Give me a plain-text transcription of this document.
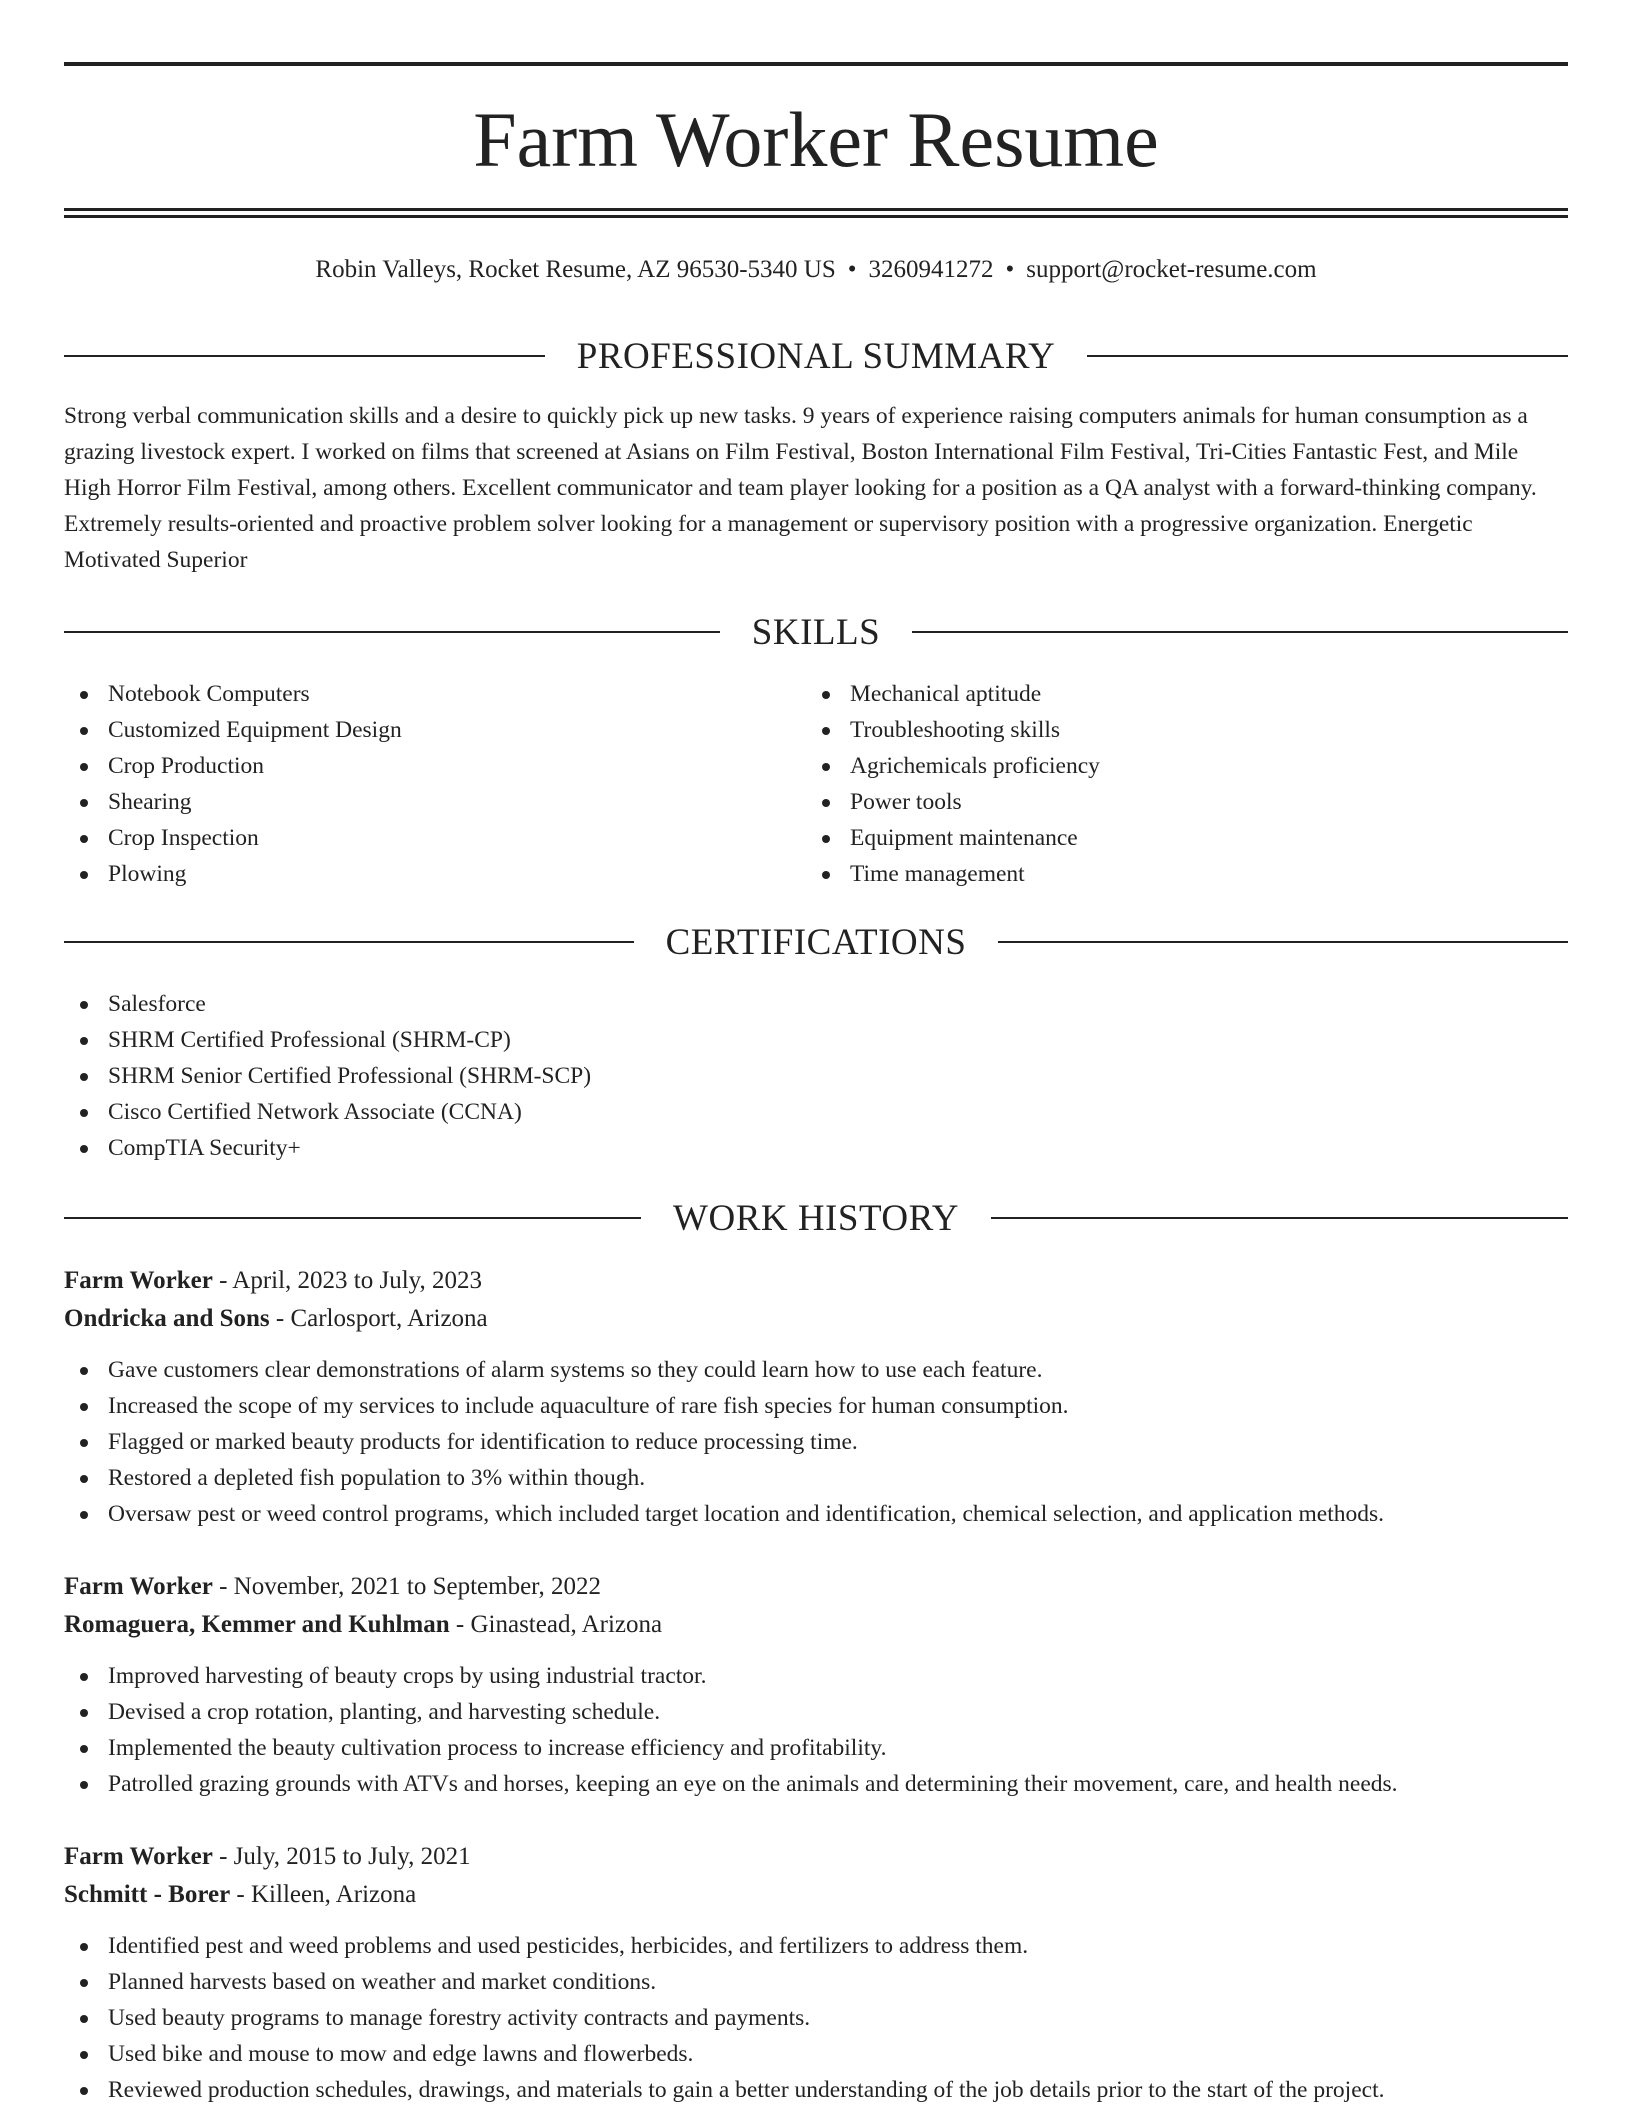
Farm Worker Resume
Robin Valleys, Rocket Resume, AZ 96530-5340 US • 3260941272 • support@rocket-resume.com
PROFESSIONAL SUMMARY

Strong verbal communication skills and a desire to quickly pick up new tasks. 9 years of experience raising computers animals for human consumption as a grazing livestock expert. I worked on films that screened at Asians on Film Festival, Boston International Film Festival, Tri-Cities Fantastic Fest, and Mile High Horror Film Festival, among others. Excellent communicator and team player looking for a position as a QA analyst with a forward-thinking company. Extremely results-oriented and proactive problem solver looking for a management or supervisory position with a progressive organization. Energetic Motivated Superior

SKILLS
Notebook Computers
Customized Equipment Design
Crop Production
Shearing
Crop Inspection
Plowing
Mechanical aptitude
Troubleshooting skills
Agrichemicals proficiency
Power tools
Equipment maintenance
Time management
CERTIFICATIONS
Salesforce
SHRM Certified Professional (SHRM-CP)
SHRM Senior Certified Professional (SHRM-SCP)
Cisco Certified Network Associate (CCNA)
CompTIA Security+
WORK HISTORY
Farm Worker - April, 2023 to July, 2023
Ondricka and Sons - Carlosport, Arizona
Gave customers clear demonstrations of alarm systems so they could learn how to use each feature.
Increased the scope of my services to include aquaculture of rare fish species for human consumption.
Flagged or marked beauty products for identification to reduce processing time.
Restored a depleted fish population to 3% within though.
Oversaw pest or weed control programs, which included target location and identification, chemical selection, and application methods.
Farm Worker - November, 2021 to September, 2022
Romaguera, Kemmer and Kuhlman - Ginastead, Arizona
Improved harvesting of beauty crops by using industrial tractor.
Devised a crop rotation, planting, and harvesting schedule.
Implemented the beauty cultivation process to increase efficiency and profitability.
Patrolled grazing grounds with ATVs and horses, keeping an eye on the animals and determining their movement, care, and health needs.
Farm Worker - July, 2015 to July, 2021
Schmitt - Borer - Killeen, Arizona
Identified pest and weed problems and used pesticides, herbicides, and fertilizers to address them.
Planned harvests based on weather and market conditions.
Used beauty programs to manage forestry activity contracts and payments.
Used bike and mouse to mow and edge lawns and flowerbeds.
Reviewed production schedules, drawings, and materials to gain a better understanding of the job details prior to the start of the project.
